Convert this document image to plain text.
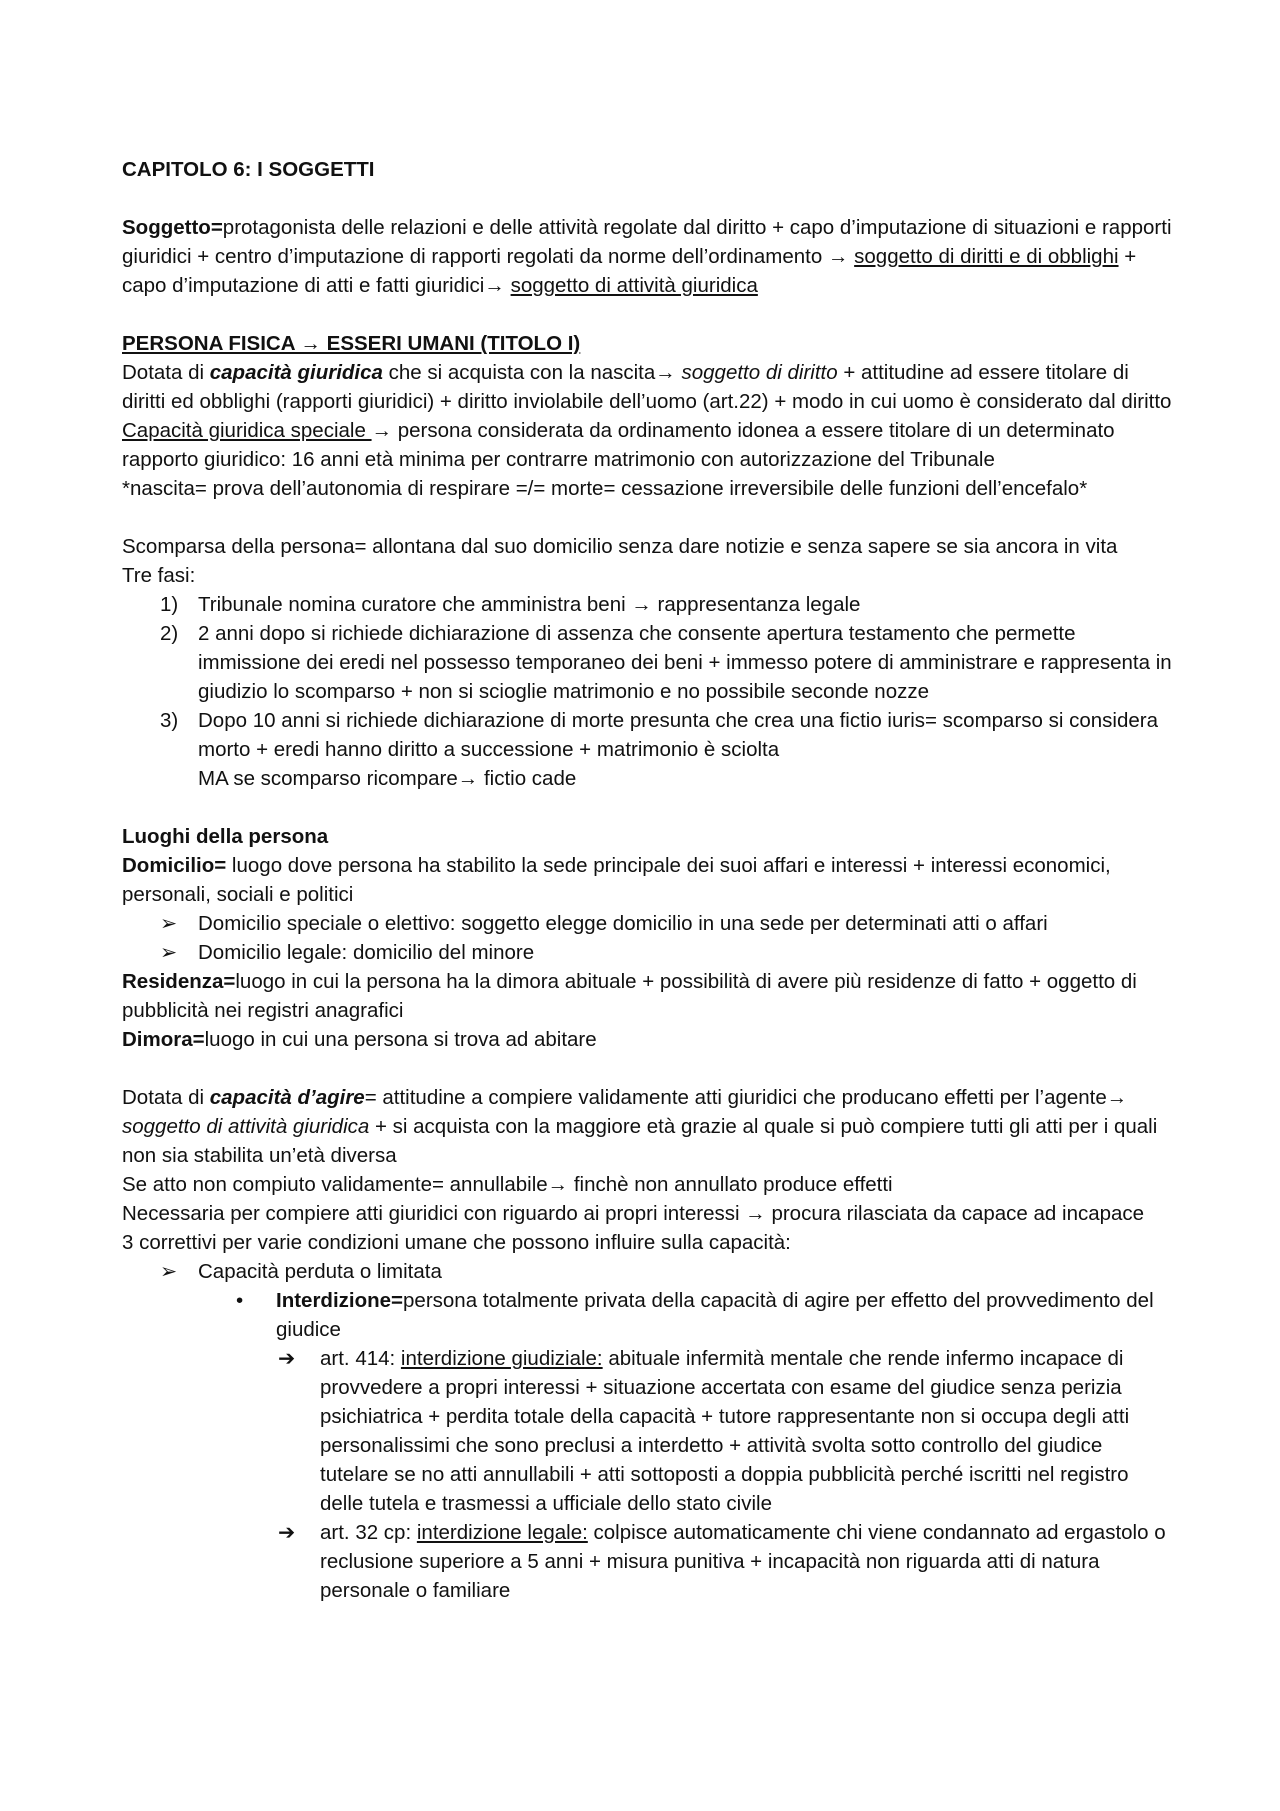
CAPITOLO 6: I SOGGETTI

Soggetto=protagonista delle relazioni e delle attività regolate dal diritto + capo d’imputazione di situazioni e rapporti giuridici + centro d’imputazione di rapporti regolati da norme dell’ordinamento → soggetto di diritti e di obblighi + capo d’imputazione di atti e fatti giuridici→ soggetto di attività giuridica

PERSONA FISICA → ESSERI UMANI (TITOLO I)

Dotata di capacità giuridica che si acquista con la nascita→ soggetto di diritto + attitudine ad essere titolare di diritti ed obblighi (rapporti giuridici) + diritto inviolabile dell’uomo (art.22) + modo in cui uomo è considerato dal diritto

Capacità giuridica speciale → persona considerata da ordinamento idonea a essere titolare di un determinato rapporto giuridico: 16 anni età minima per contrarre matrimonio con autorizzazione del Tribunale

*nascita= prova dell’autonomia di respirare =/= morte= cessazione irreversibile delle funzioni dell’encefalo*

Scomparsa della persona= allontana dal suo domicilio senza dare notizie e senza sapere se sia ancora in vita

Tre fasi:

1) Tribunale nomina curatore che amministra beni → rappresentanza legale
2) 2 anni dopo si richiede dichiarazione di assenza che consente apertura testamento che permette immissione dei eredi nel possesso temporaneo dei beni + immesso potere di amministrare e rappresenta in giudizio lo scomparso + non si scioglie matrimonio e no possibile seconde nozze
3) Dopo 10 anni si richiede dichiarazione di morte presunta che crea una fictio iuris= scomparso si considera morto + eredi hanno diritto a successione + matrimonio è sciolta
MA se scomparso ricompare→ fictio cade

Luoghi della persona

Domicilio= luogo dove persona ha stabilito la sede principale dei suoi affari e interessi + interessi economici, personali, sociali e politici

➢	Domicilio speciale o elettivo: soggetto elegge domicilio in una sede per determinati atti o affari
➢	Domicilio legale: domicilio del minore

Residenza=luogo in cui la persona ha la dimora abituale + possibilità di avere più residenze di fatto + oggetto di pubblicità nei registri anagrafici

Dimora=luogo in cui una persona si trova ad abitare

Dotata di capacità d’agire= attitudine a compiere validamente atti giuridici che producano effetti per l’agente→ soggetto di attività giuridica + si acquista con la maggiore età grazie al quale si può compiere tutti gli atti per i quali non sia stabilita un’età diversa

Se atto non compiuto validamente= annullabile→ finchè non annullato produce effetti

Necessaria per compiere atti giuridici con riguardo ai propri interessi → procura rilasciata da capace ad incapace

3 correttivi per varie condizioni umane che possono influire sulla capacità:

➢	Capacità perduta o limitata
•	Interdizione=persona totalmente privata della capacità di agire per effetto del provvedimento del giudice
➔	art. 414: interdizione giudiziale: abituale infermità mentale che rende infermo incapace di provvedere a propri interessi + situazione accertata con esame del giudice senza perizia psichiatrica + perdita totale della capacità + tutore rappresentante non si occupa degli atti personalissimi che sono preclusi a interdetto + attività svolta sotto controllo del giudice tutelare se no atti annullabili + atti sottoposti a doppia pubblicità perché iscritti nel registro delle tutela e trasmessi a ufficiale dello stato civile
➔	art. 32 cp: interdizione legale: colpisce automaticamente chi viene condannato ad ergastolo o reclusione superiore a 5 anni + misura punitiva + incapacità non riguarda atti di natura personale o familiare
